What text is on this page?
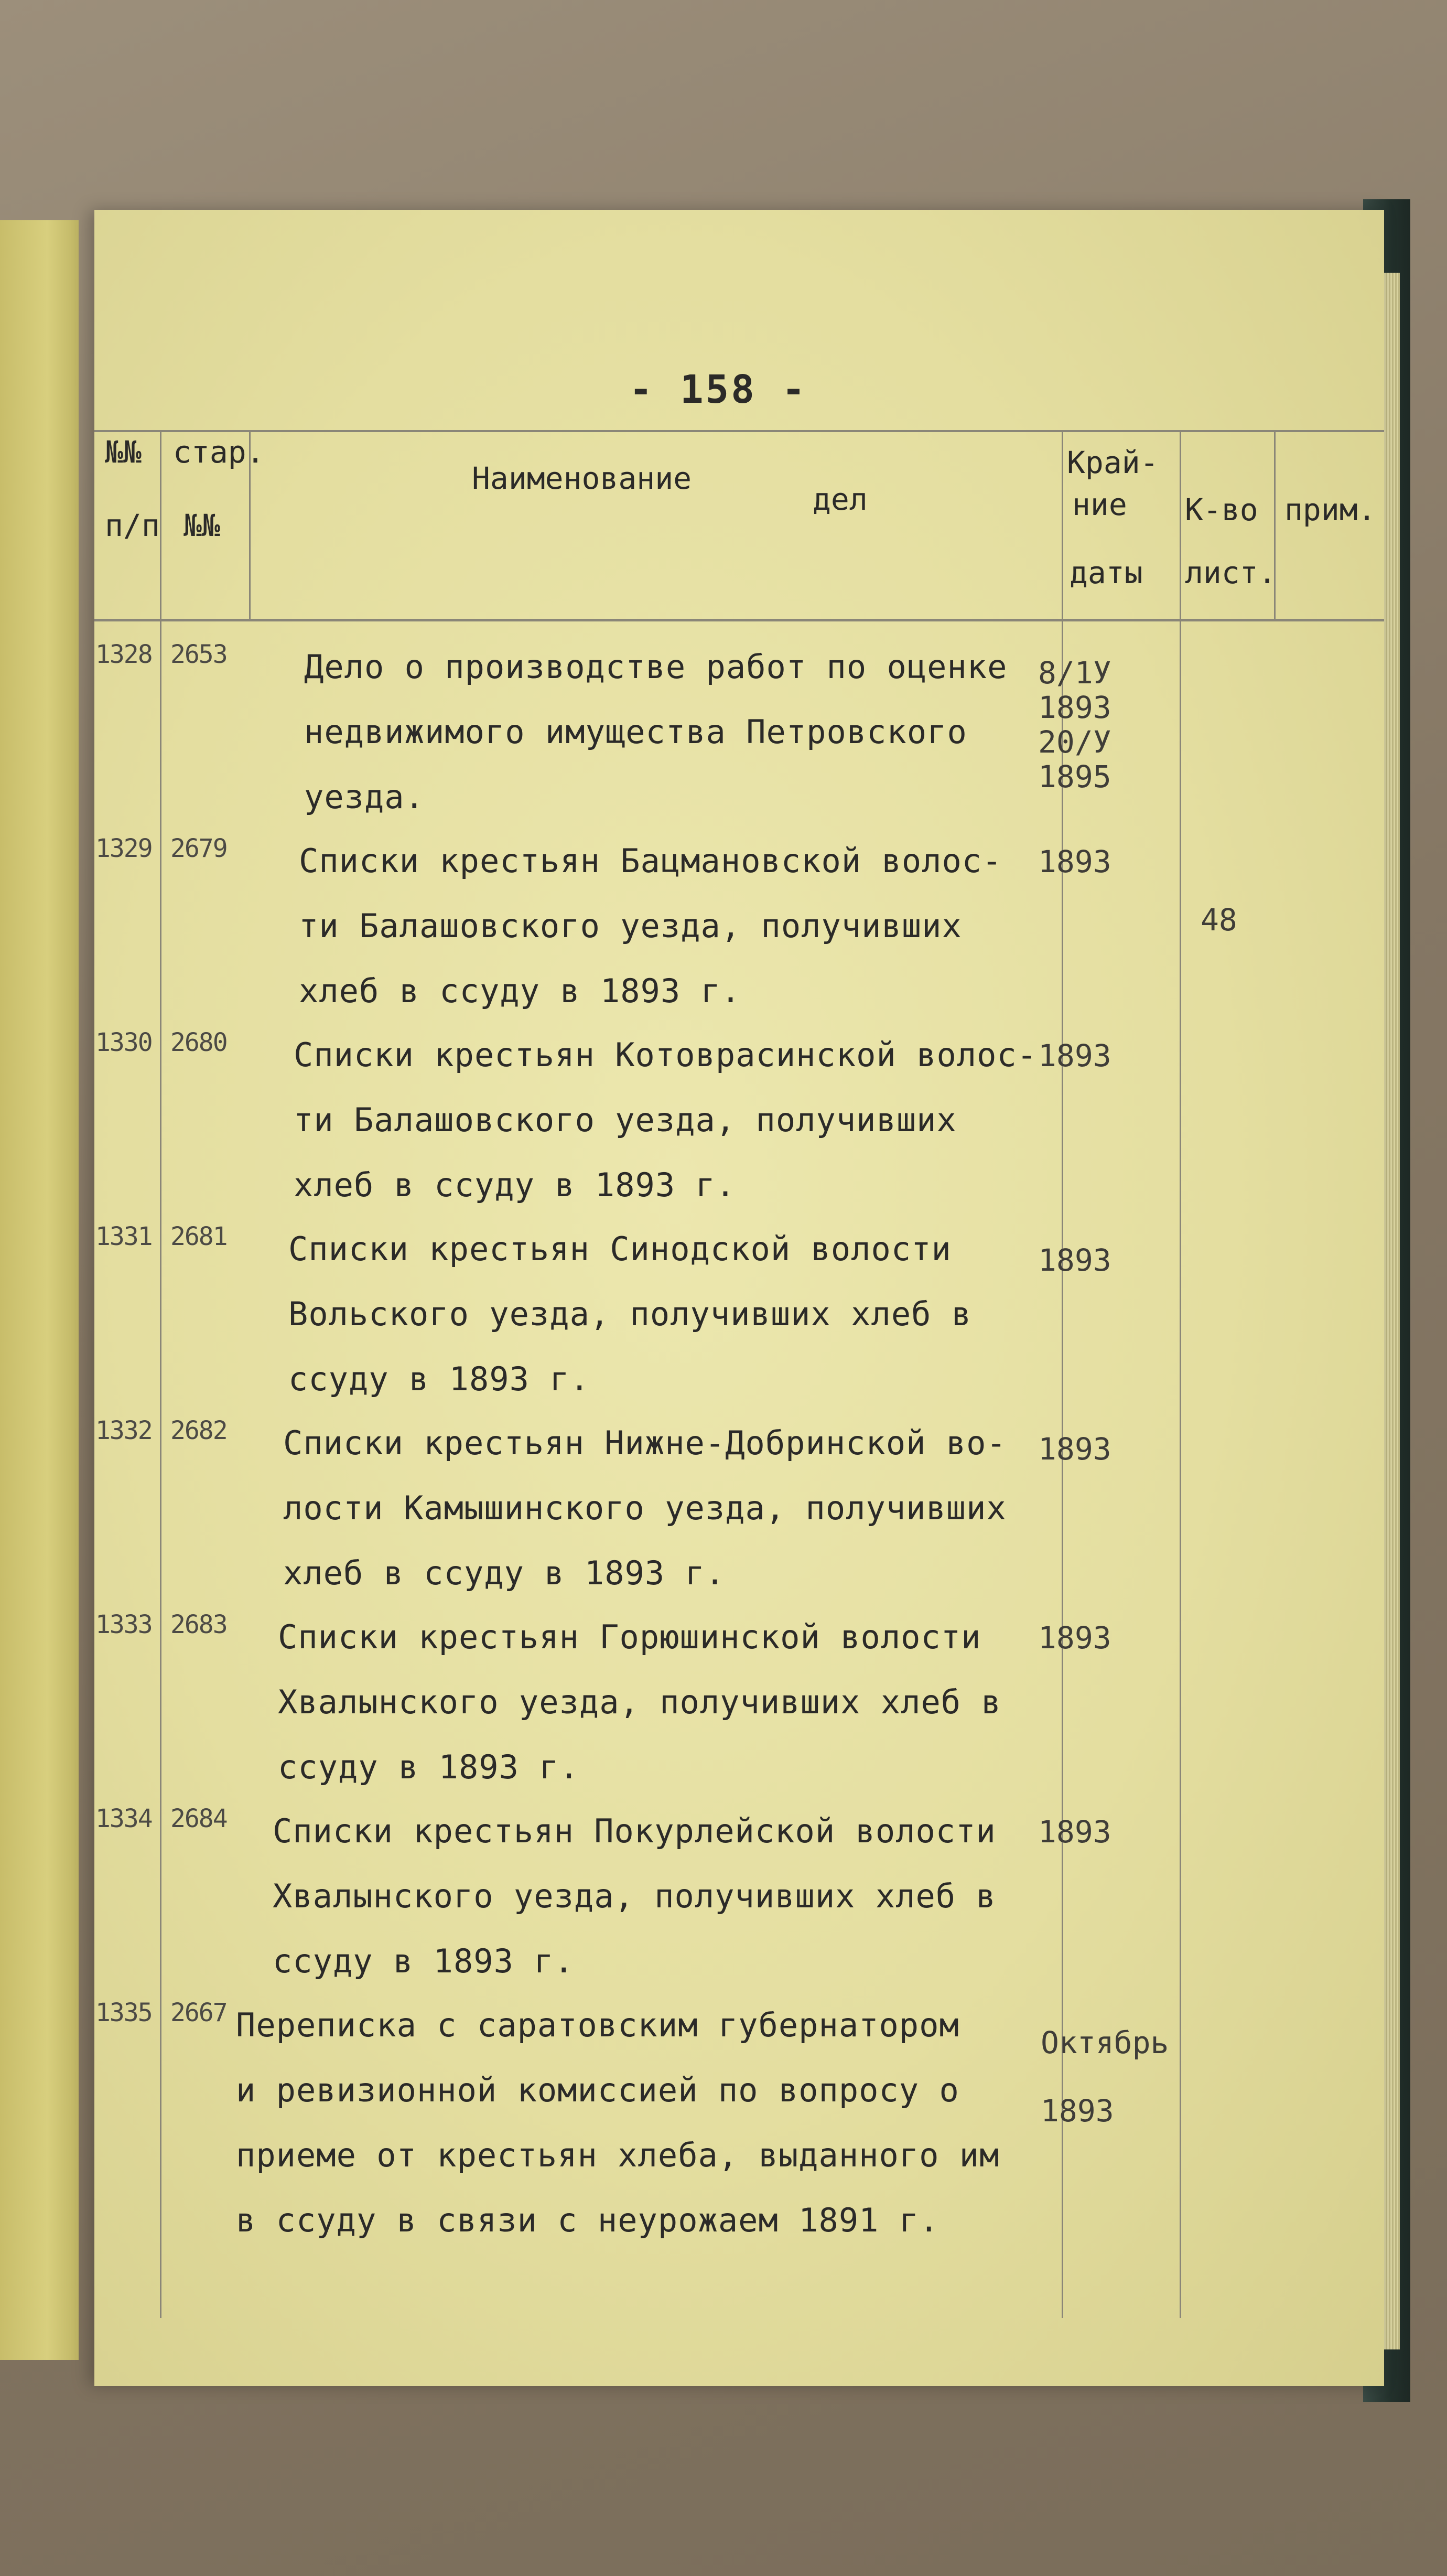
- 158 -
№№ стар.
п/п №№
Наименование
дел
Край-
ние
даты
К-во
лист.
прим.
1328 2653 Дело о производстве работ по оценке
недвижимого имущества Петровского
уезда.
8/1У
1893
20/У
1895
1329 2679 Списки крестьян Бацмановской волос-
ти Балашовского уезда, получивших
хлеб в ссуду в 1893 г.
1893
48
1330 2680 Списки крестьян Котоврасинской волос-
ти Балашовского уезда, получивших
хлеб в ссуду в 1893 г.
1893
1331 2681 Списки крестьян Синодской волости
Вольского уезда, получивших хлеб в
ссуду в 1893 г.
1893
1332 2682 Списки крестьян Нижне-Добринской во-
лости Камышинского уезда, получивших
хлеб в ссуду в 1893 г.
1893
1333 2683 Списки крестьян Горюшинской волости
Хвалынского уезда, получивших хлеб в
ссуду в 1893 г.
1893
1334 2684 Списки крестьян Покурлейской волости
Хвалынского уезда, получивших хлеб в
ссуду в 1893 г.
1893
1335 2667 Переписка с саратовским губернатором
и ревизионной комиссией по вопросу о
приеме от крестьян хлеба, выданного им
в ссуду в связи с неурожаем 1891 г.
Октябрь
1893
